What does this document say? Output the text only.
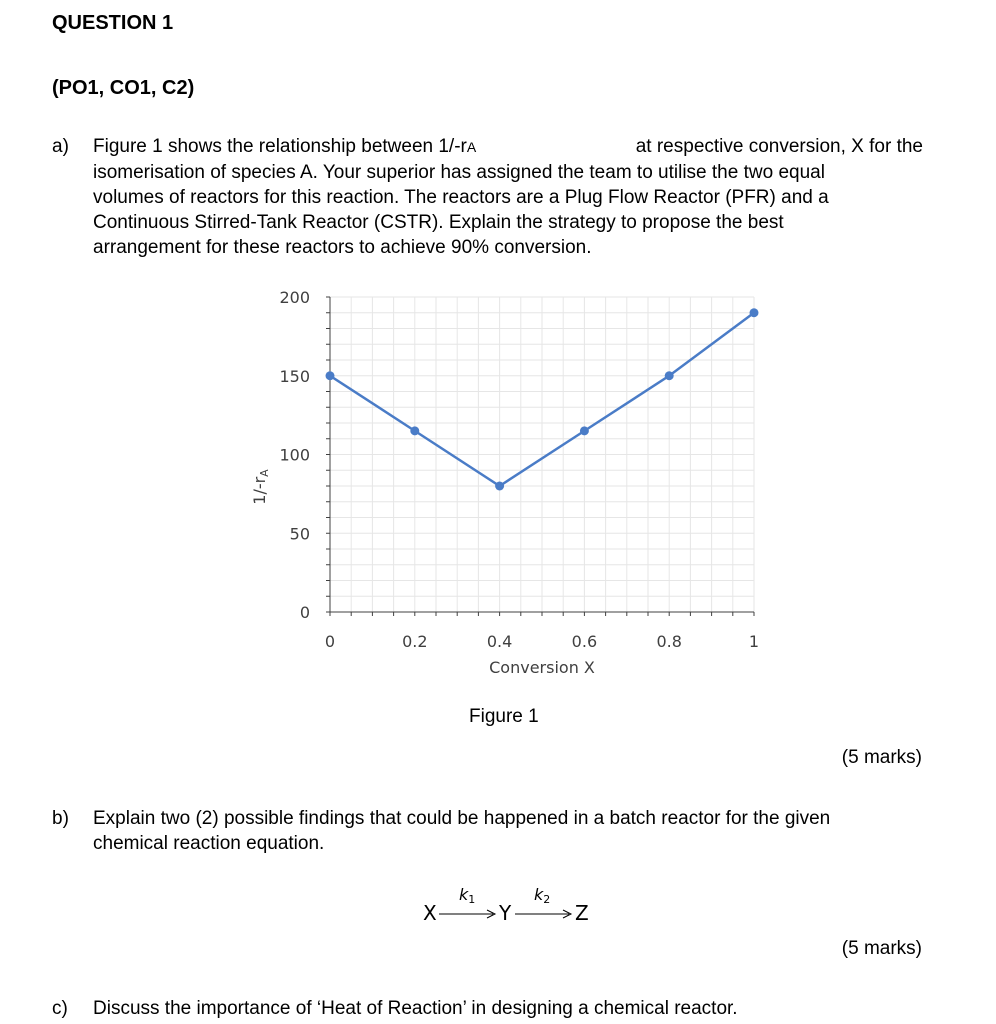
QUESTION 1
(PO1, CO1, C2)
a) Figure 1 shows the relationship between 1/-rA	at respective conversion, X for the
isomerisation of species A. Your superior has assigned the team to utilise the two equal
volumes of reactors for this reaction. The reactors are a Plug Flow Reactor (PFR) and a
Continuous Stirred-Tank Reactor (CSTR). Explain the strategy to propose the best
arrangement for these reactors to achieve 90% conversion.
0
50
100
150
200
0	0.2	0.4	0.6	0.8	1
Conversion X
1/-rA
Figure 1
(5 marks)
b) Explain two (2) possible findings that could be happened in a batch reactor for the given
chemical reaction equation.
X
k1
Y
k2
Z
(5 marks)
c) Discuss the importance of ‘Heat of Reaction’ in designing a chemical reactor.
